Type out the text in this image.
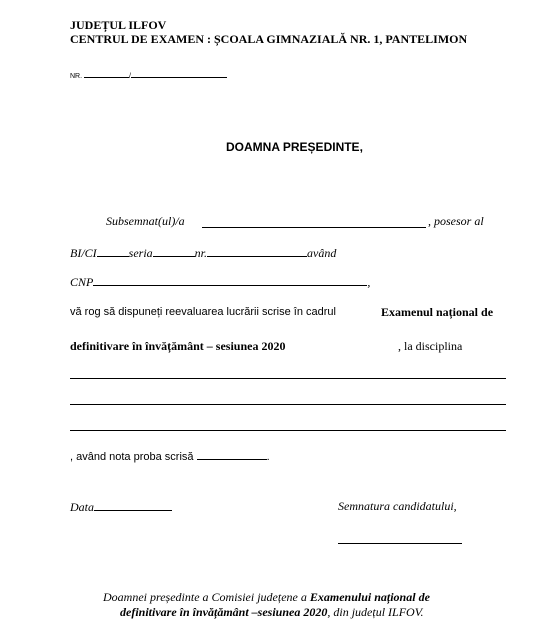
JUDEȚUL ILFOV
CENTRUL DE EXAMEN : ȘCOALA GIMNAZIALĂ NR. 1, PANTELIMON
NR.	/
DOAMNA PREȘEDINTE,
Subsemnat(ul)/a	, posesor al
BI/CI	seria	nr.	având
CNP	,
vă rog să dispuneți reevaluarea lucrării scrise în cadrul	Examenul național de
definitivare în învățământ – sesiunea 2020	, la disciplina
, având nota proba scrisă	.
Data	Semnatura candidatului,
Doamnei președinte a Comisiei județene a Examenului național de
definitivare în învățământ –sesiunea 2020, din județul ILFOV.
